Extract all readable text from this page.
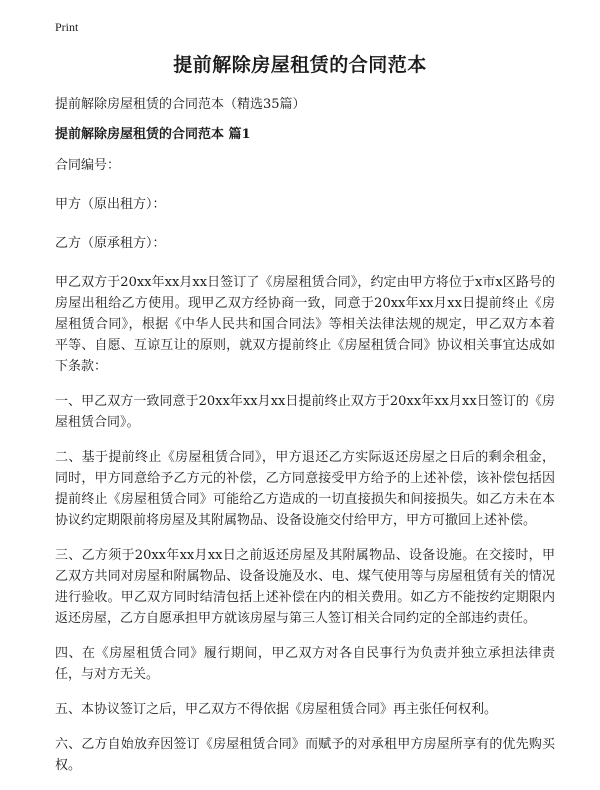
Print
提前解除房屋租赁的合同范本

提前解除房屋租赁的合同范本（精选35篇）

提前解除房屋租赁的合同范本 篇1

合同编号：

甲方（原出租方）：

乙方（原承租方）：

甲乙双方于20xx年xx月xx日签订了《房屋租赁合同》，约定由甲方将位于x市x区路号的房屋出租给乙方使用。现甲乙双方经协商一致，同意于20xx年xx月xx日提前终止《房屋租赁合同》，根据《中华人民共和国合同法》等相关法律法规的规定，甲乙双方本着平等、自愿、互谅互让的原则，就双方提前终止《房屋租赁合同》协议相关事宜达成如下条款：

一、甲乙双方一致同意于20xx年xx月xx日提前终止双方于20xx年xx月xx日签订的《房屋租赁合同》。

二、基于提前终止《房屋租赁合同》，甲方退还乙方实际返还房屋之日后的剩余租金，同时，甲方同意给予乙方元的补偿，乙方同意接受甲方给予的上述补偿，该补偿包括因提前终止《房屋租赁合同》可能给乙方造成的一切直接损失和间接损失。如乙方未在本协议约定期限前将房屋及其附属物品、设备设施交付给甲方，甲方可撤回上述补偿。

三、乙方须于20xx年xx月xx日之前返还房屋及其附属物品、设备设施。在交接时，甲乙双方共同对房屋和附属物品、设备设施及水、电、煤气使用等与房屋租赁有关的情况进行验收。甲乙双方同时结清包括上述补偿在内的相关费用。如乙方不能按约定期限内返还房屋，乙方自愿承担甲方就该房屋与第三人签订相关合同约定的全部违约责任。

四、在《房屋租赁合同》履行期间，甲乙双方对各自民事行为负责并独立承担法律责任，与对方无关。

五、本协议签订之后，甲乙双方不得依据《房屋租赁合同》再主张任何权利。

六、乙方自始放弃因签订《房屋租赁合同》而赋予的对承租甲方房屋所享有的优先购买权。
